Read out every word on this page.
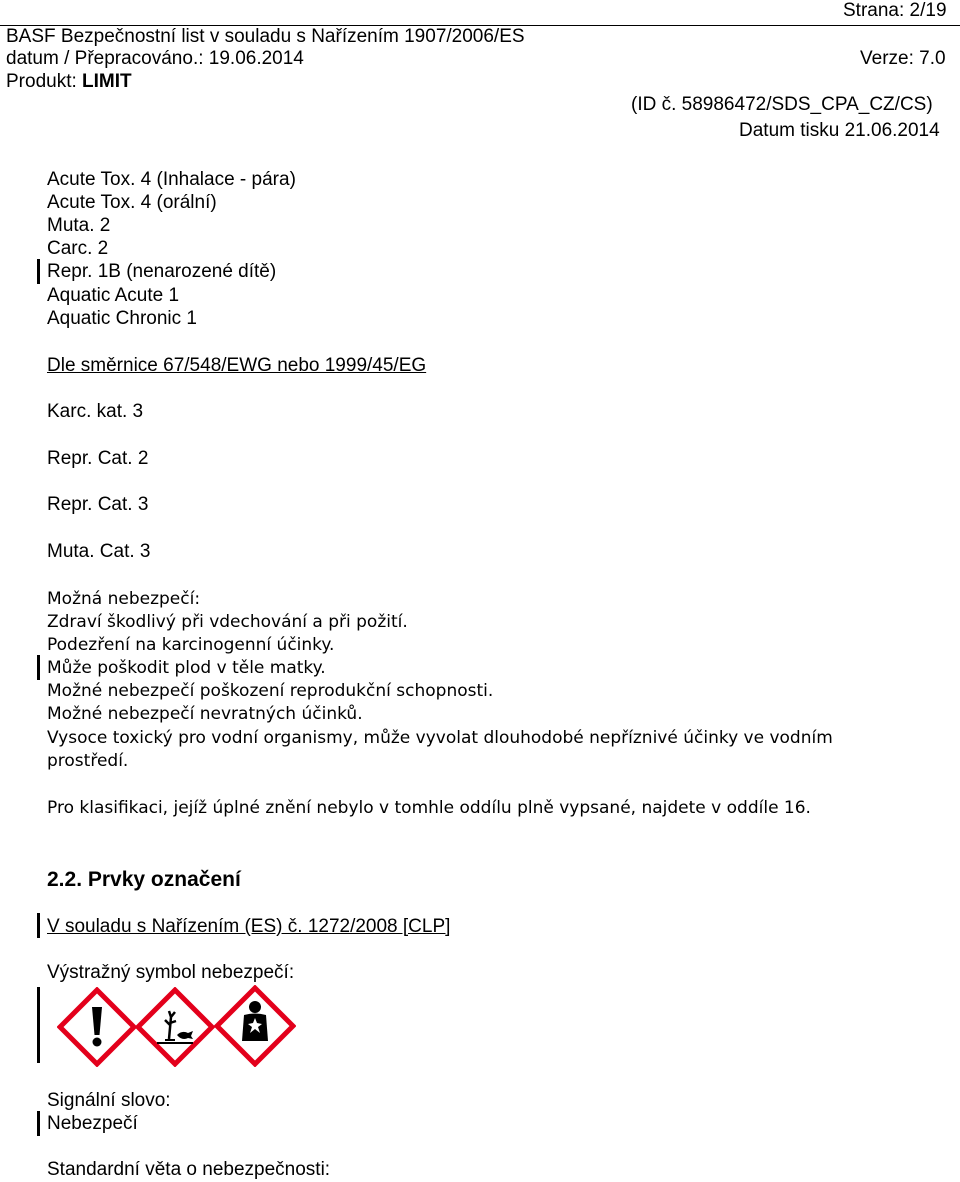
Strana: 2/19
BASF Bezpečnostní list v souladu s Nařízením 1907/2006/ES
datum / Přepracováno.: 19.06.2014	Verze: 7.0
Produkt: LIMIT
(ID č. 58986472/SDS_CPA_CZ/CS)
Datum tisku 21.06.2014
Acute Tox. 4 (Inhalace - pára)
Acute Tox. 4 (orální)
Muta. 2
Carc. 2
Repr. 1B (nenarozené dítě)
Aquatic Acute 1
Aquatic Chronic 1
Dle směrnice 67/548/EWG nebo 1999/45/EG
Karc. kat. 3
Repr. Cat. 2
Repr. Cat. 3
Muta. Cat. 3
Možná nebezpečí:
Zdraví škodlivý při vdechování a při požití.
Podezření na karcinogenní účinky.
Může poškodit plod v těle matky.
Možné nebezpečí poškození reprodukční schopnosti.
Možné nebezpečí nevratných účinků.
Vysoce toxický pro vodní organismy, může vyvolat dlouhodobé nepříznivé účinky ve vodním
prostředí.
Pro klasifikaci, jejíž úplné znění nebylo v tomhle oddílu plně vypsané, najdete v oddíle 16.
2.2. Prvky označení
V souladu s Nařízením (ES) č. 1272/2008 [CLP]
Výstražný symbol nebezpečí:
Signální slovo:
Nebezpečí
Standardní věta o nebezpečnosti:
